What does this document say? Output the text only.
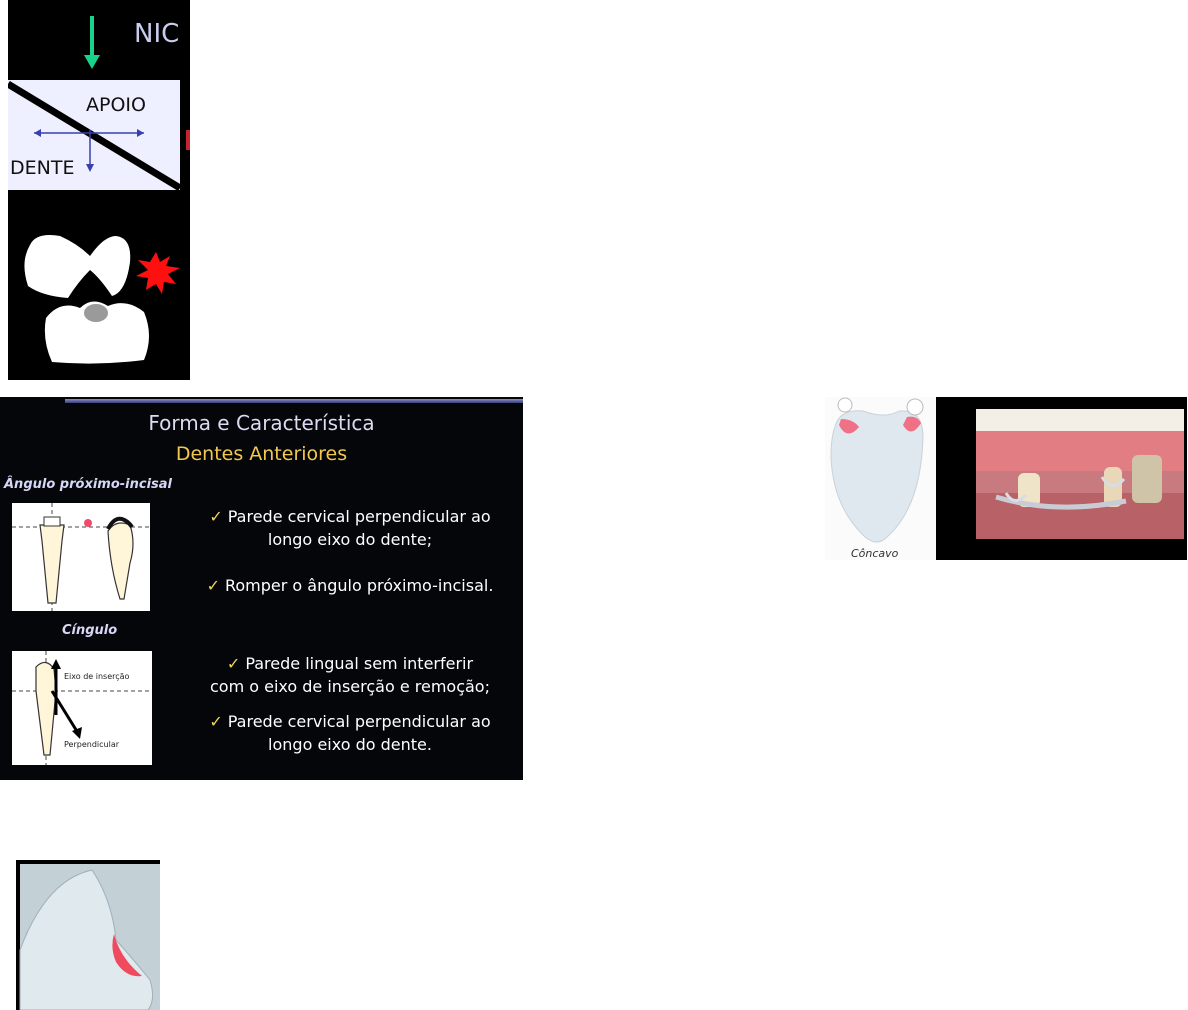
NIC
APOIO
DENTE
Forma e Característica
Dentes Anteriores
Ângulo próximo-incisal
Cíngulo
Eixo de inserção
Perpendicular
✓ Parede cervical perpendicular ao
longo eixo do dente;
✓ Romper o ângulo próximo-incisal.
✓ Parede lingual sem interferir
com o eixo de inserção e remoção;
✓ Parede cervical perpendicular ao
longo eixo do dente.
Côncavo
